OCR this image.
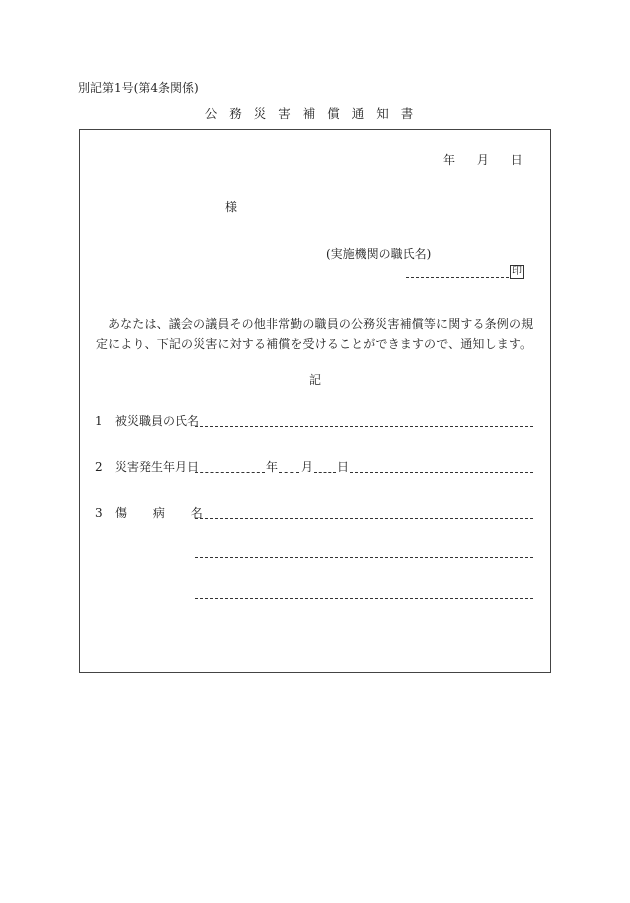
別記第1号(第4条関係)
公務災害補償通知書
年 月 日
様
(実施機関の職氏名)
印
あなたは、議会の議員その他非常勤の職員の公務災害補償等に関する条例の規定により、下記の災害に対する補償を受けることができますので、通知します。
記
1 被災職員の氏名
2 災害発生年月日	年 月 日
3 傷 病 名
